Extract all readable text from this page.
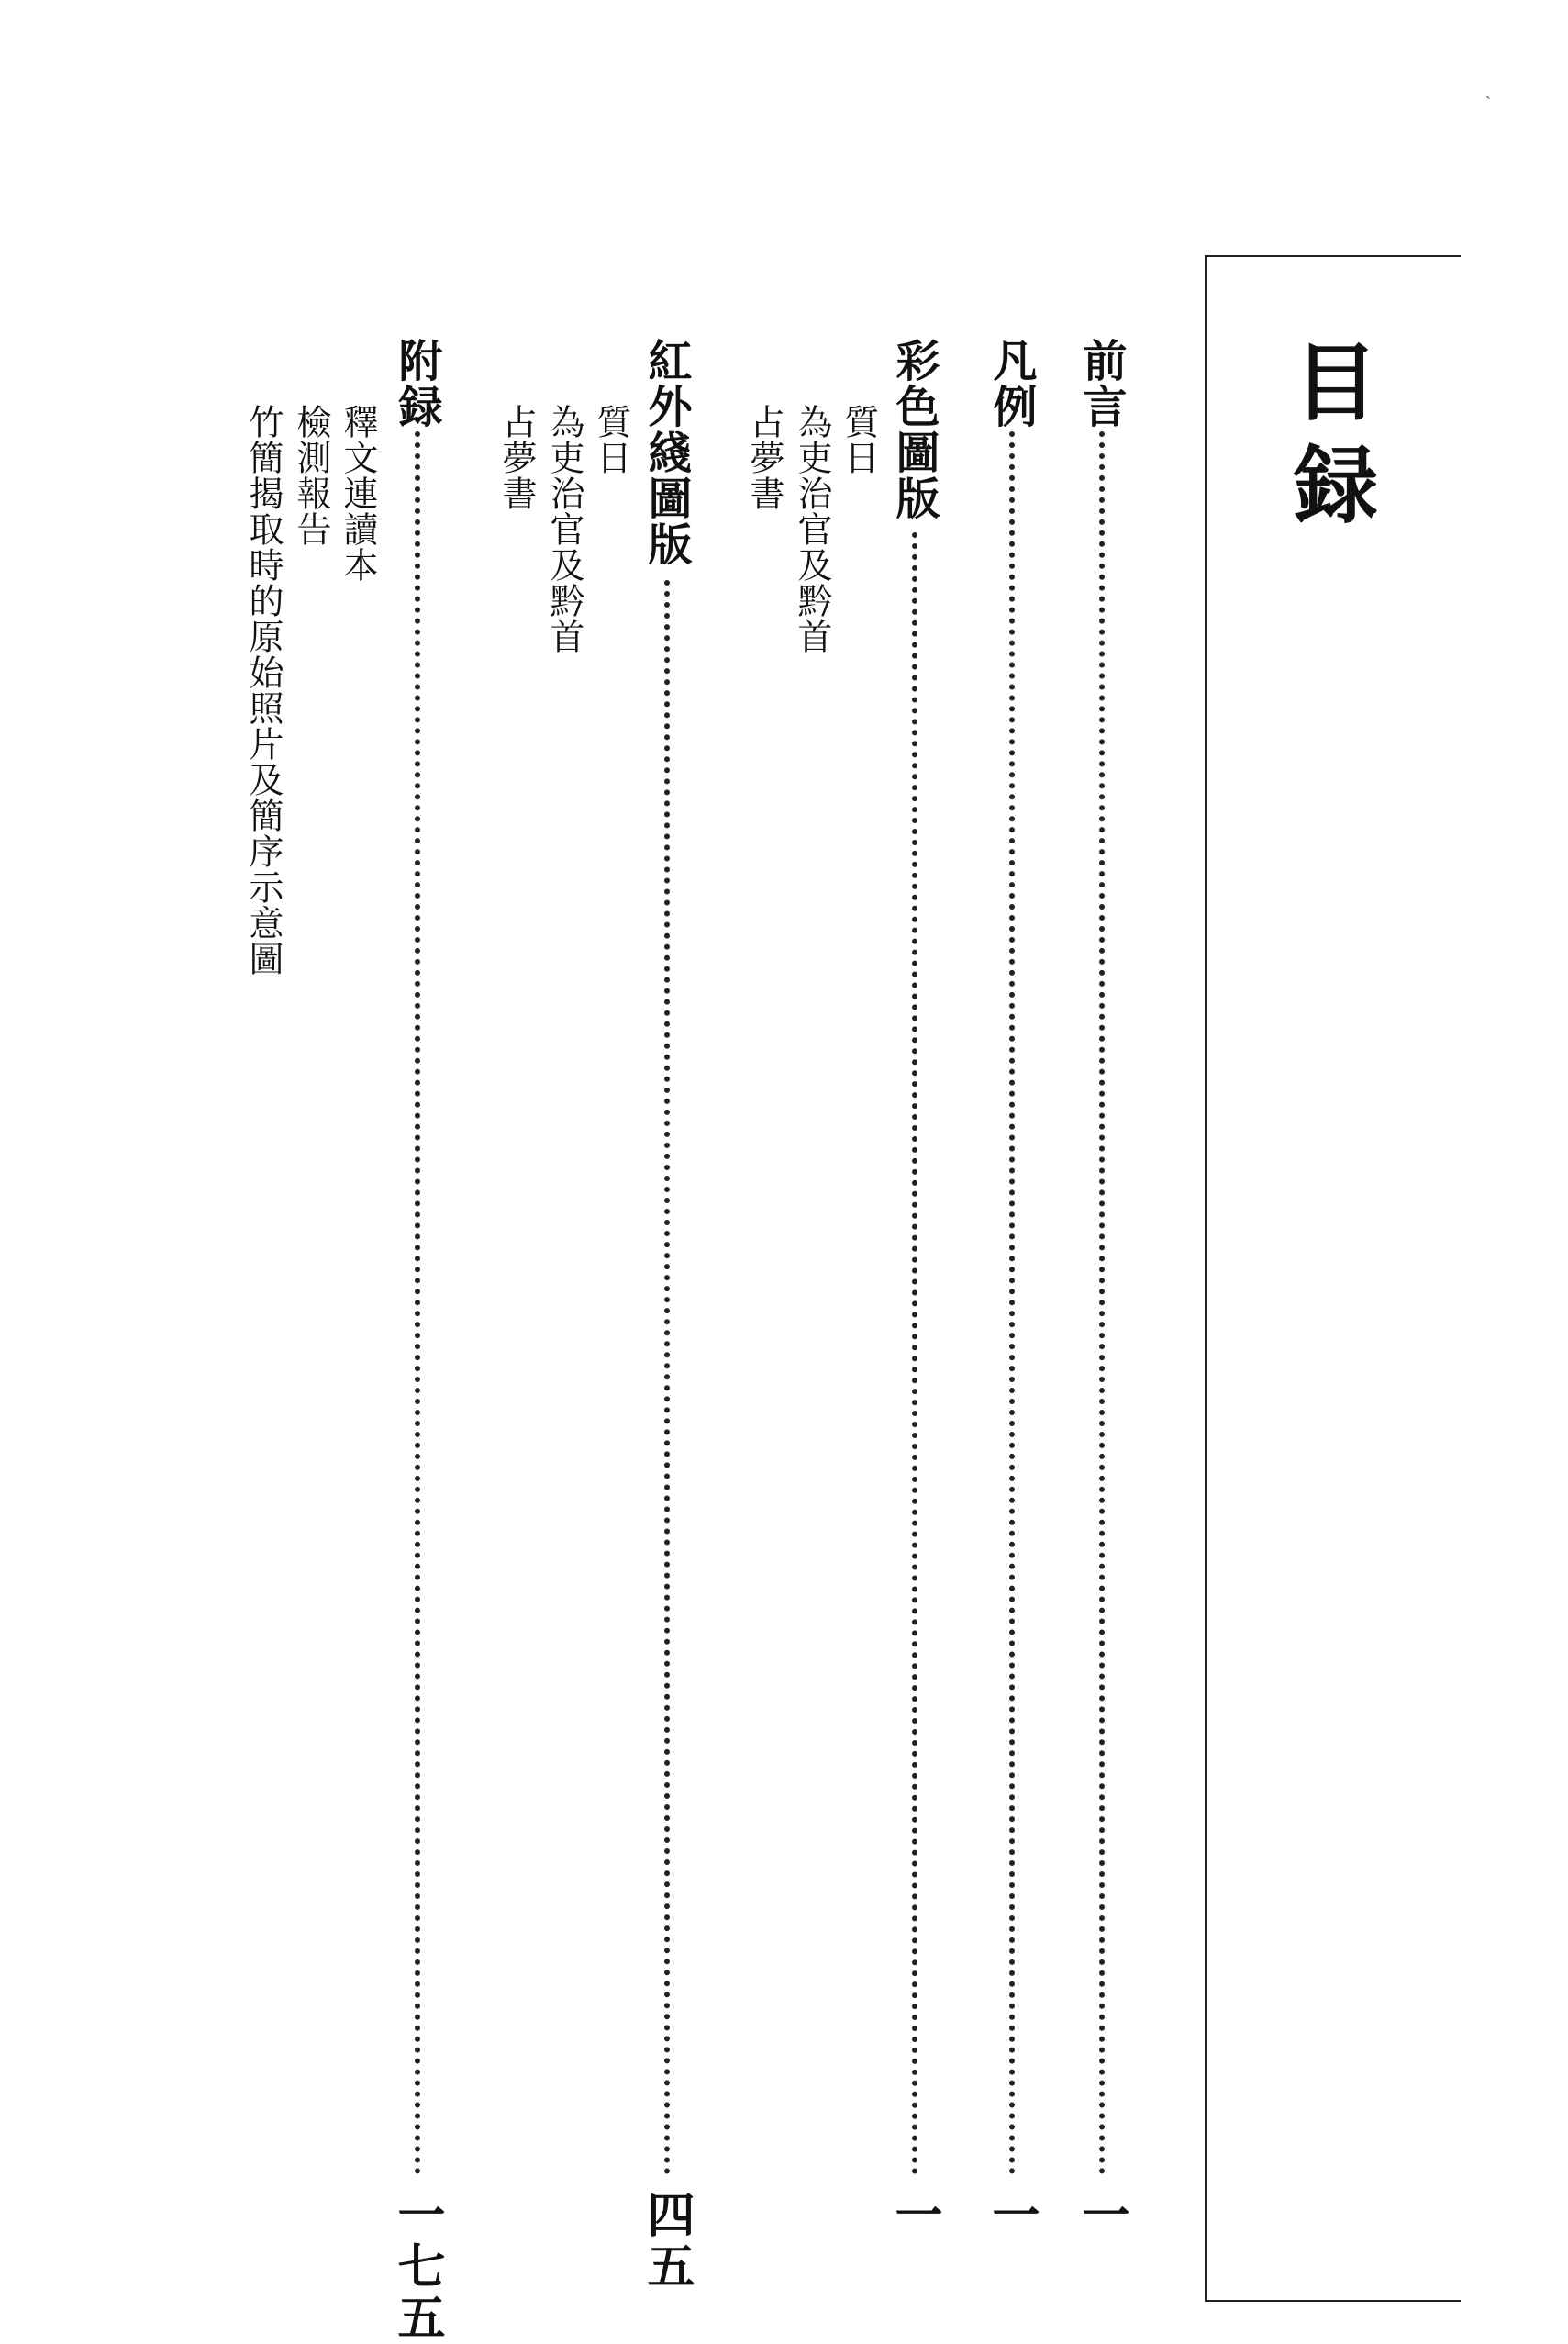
ˎ
目録
前言
一
凡例
一
彩色圖版
一
質日
為吏治官及黔首
占夢書
紅外綫圖版
四五
質日
為吏治官及黔首
占夢書
附録
一七五
釋文連讀本
檢測報告
竹簡揭取時的原始照片及簡序示意圖
